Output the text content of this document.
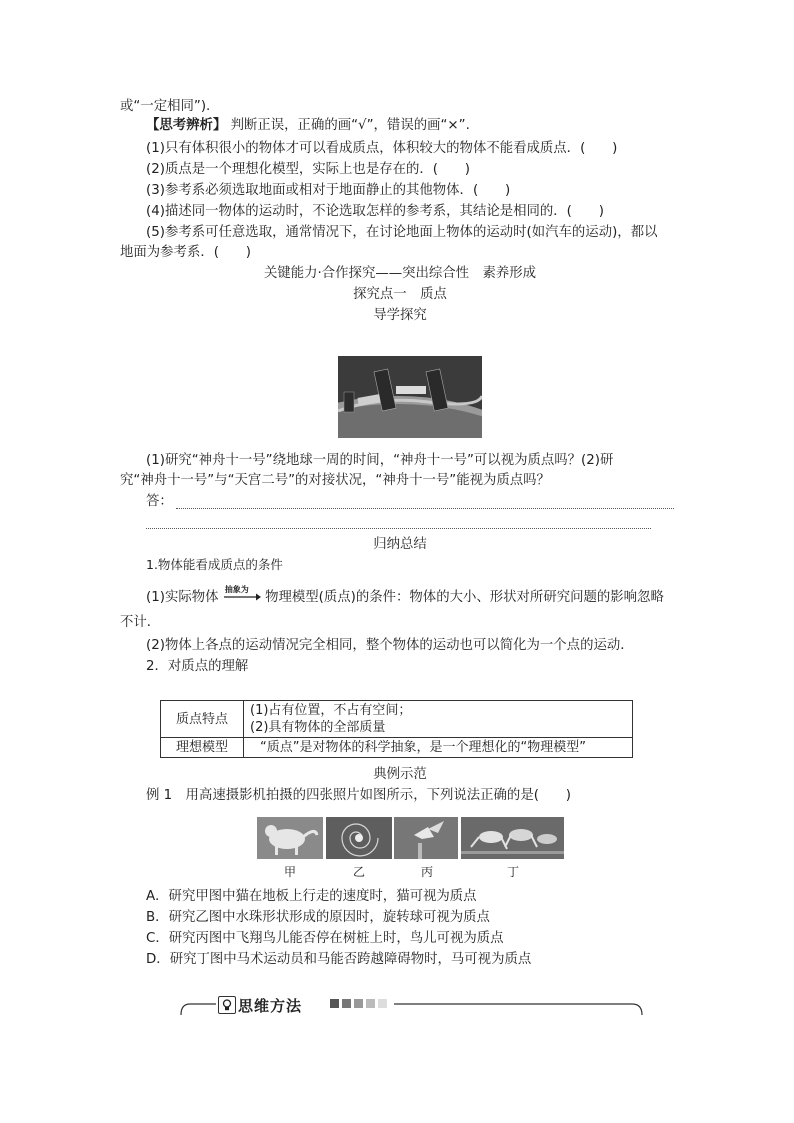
或“一定相同”).
【思考辨析】 判断正误，正确的画“√”，错误的画“×”.
(1)只有体积很小的物体才可以看成质点，体积较大的物体不能看成质点．(　　)
(2)质点是一个理想化模型，实际上也是存在的．(　　)
(3)参考系必须选取地面或相对于地面静止的其他物体．(　　)
(4)描述同一物体的运动时，不论选取怎样的参考系，其结论是相同的．(　　)
(5)参考系可任意选取，通常情况下，在讨论地面上物体的运动时(如汽车的运动)，都以
地面为参考系．(　　)
关键能力·合作探究——突出综合性　素养形成
探究点一　质点
导学探究
(1)研究“神舟十一号”绕地球一周的时间，“神舟十一号”可以视为质点吗？(2)研
究“神舟十一号”与“天宫二号”的对接状况，“神舟十一号”能视为质点吗？
答：
归纳总结
1.物体能看成质点的条件
(1)实际物体
抽象为
物理模型(质点)的条件：物体的大小、形状对所研究问题的影响忽略
不计．
(2)物体上各点的运动情况完全相同，整个物体的运动也可以简化为一个点的运动．
2．对质点的理解
质点特点	(1)占有位置，不占有空间；
(2)具有物体的全部质量

理想模型	“质点”是对物体的科学抽象，是一个理想化的“物理模型”
典例示范
例 1　用高速摄影机拍摄的四张照片如图所示，下列说法正确的是(　　)
甲	乙	丙	丁
A．研究甲图中猫在地板上行走的速度时，猫可视为质点
B．研究乙图中水珠形状形成的原因时，旋转球可视为质点
C．研究丙图中飞翔鸟儿能否停在树桩上时，鸟儿可视为质点
D．研究丁图中马术运动员和马能否跨越障碍物时，马可视为质点
思维方法
